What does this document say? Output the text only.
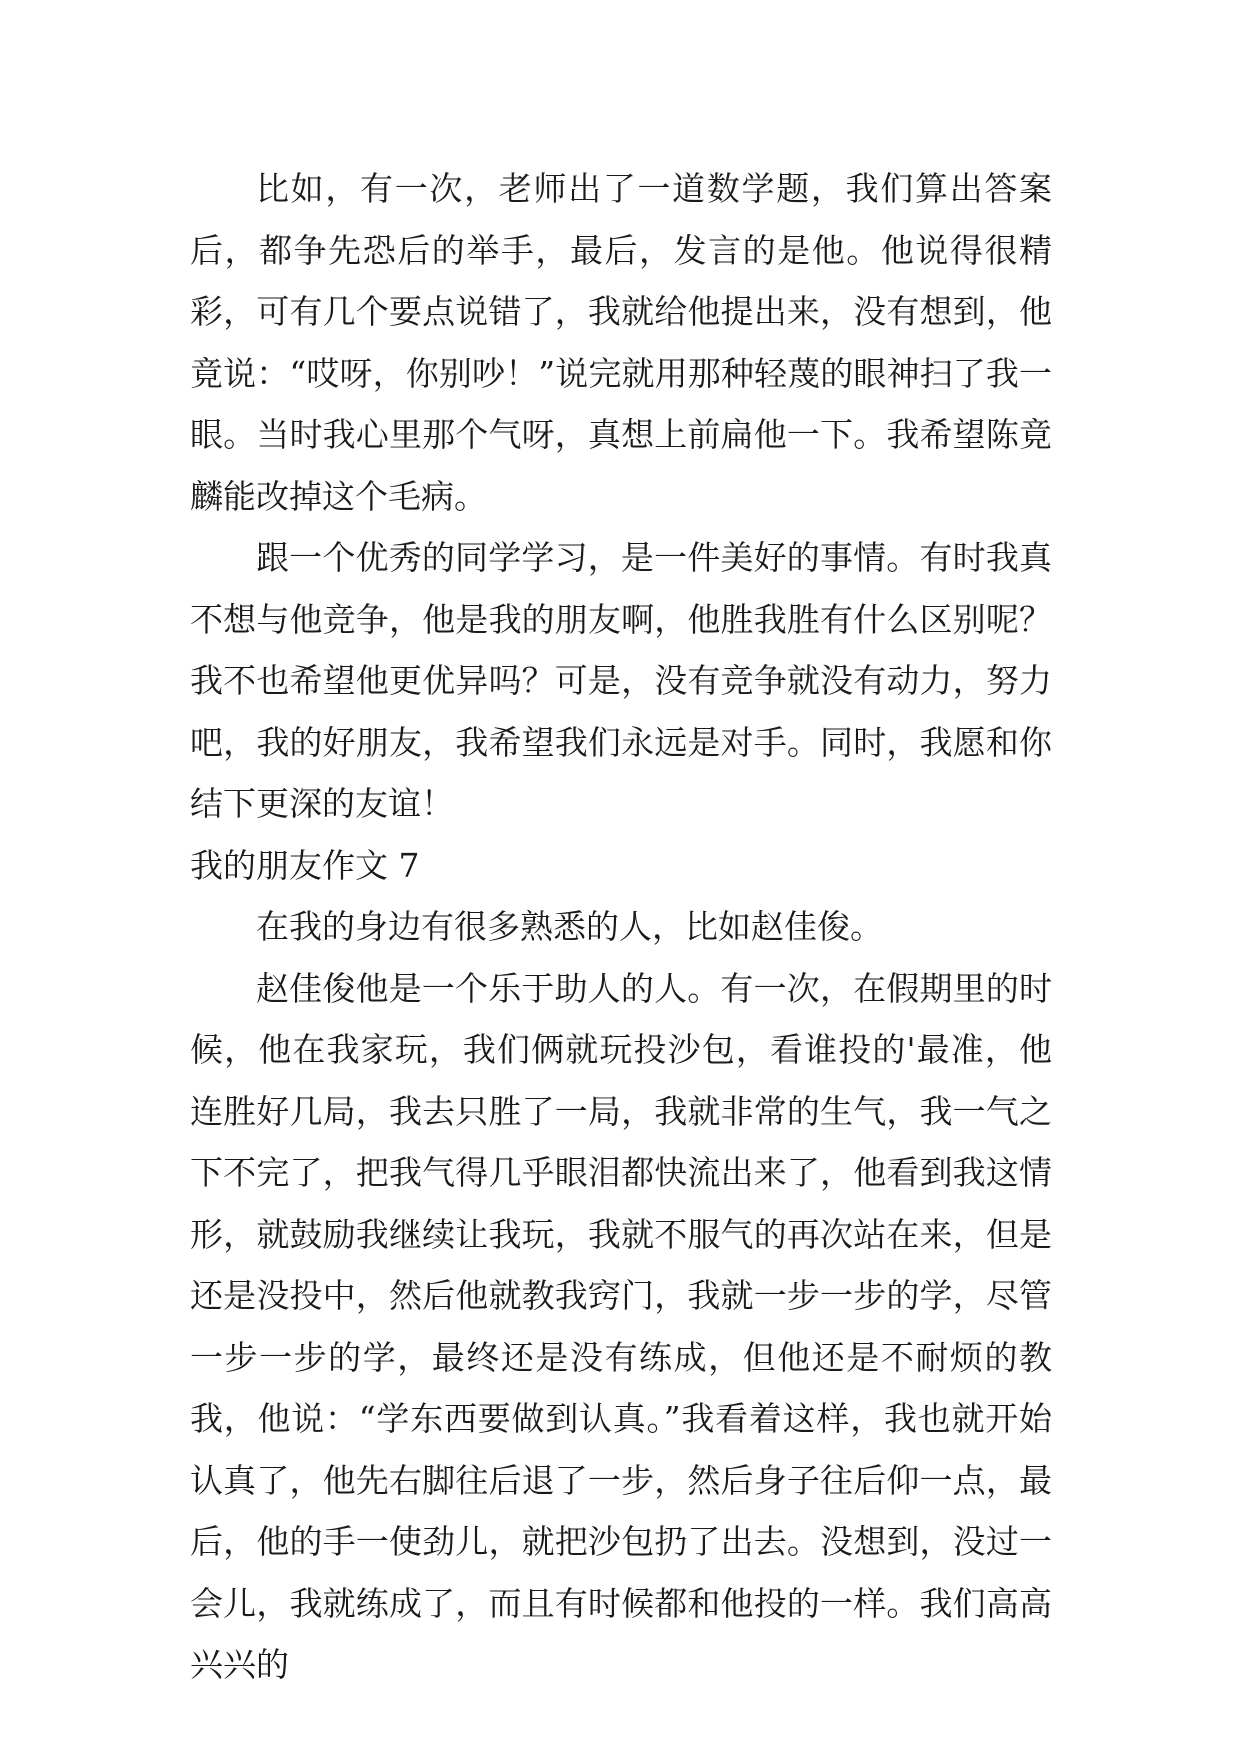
比如，有一次，老师出了一道数学题，我们算出答案后，都争先恐后的举手，最后，发言的是他。他说得很精彩，可有几个要点说错了，我就给他提出来，没有想到，他竟说：“哎呀，你别吵！”说完就用那种轻蔑的眼神扫了我一眼。当时我心里那个气呀，真想上前扁他一下。我希望陈竟麟能改掉这个毛病。

跟一个优秀的同学学习，是一件美好的事情。有时我真不想与他竞争，他是我的朋友啊，他胜我胜有什么区别呢？我不也希望他更优异吗？可是，没有竞争就没有动力，努力吧，我的好朋友，我希望我们永远是对手。同时，我愿和你结下更深的友谊！

我的朋友作文 7

在我的身边有很多熟悉的人，比如赵佳俊。

赵佳俊他是一个乐于助人的人。有一次，在假期里的时候，他在我家玩，我们俩就玩投沙包，看谁投的'最准，他连胜好几局，我去只胜了一局，我就非常的生气，我一气之下不完了，把我气得几乎眼泪都快流出来了，他看到我这情形，就鼓励我继续让我玩，我就不服气的再次站在来，但是还是没投中，然后他就教我窍门，我就一步一步的学，尽管一步一步的学，最终还是没有练成，但他还是不耐烦的教我，他说：“学东西要做到认真。”我看着这样，我也就开始认真了，他先右脚往后退了一步，然后身子往后仰一点，最后，他的手一使劲儿，就把沙包扔了出去。没想到，没过一会儿，我就练成了，而且有时候都和他投的一样。我们高高兴兴的
